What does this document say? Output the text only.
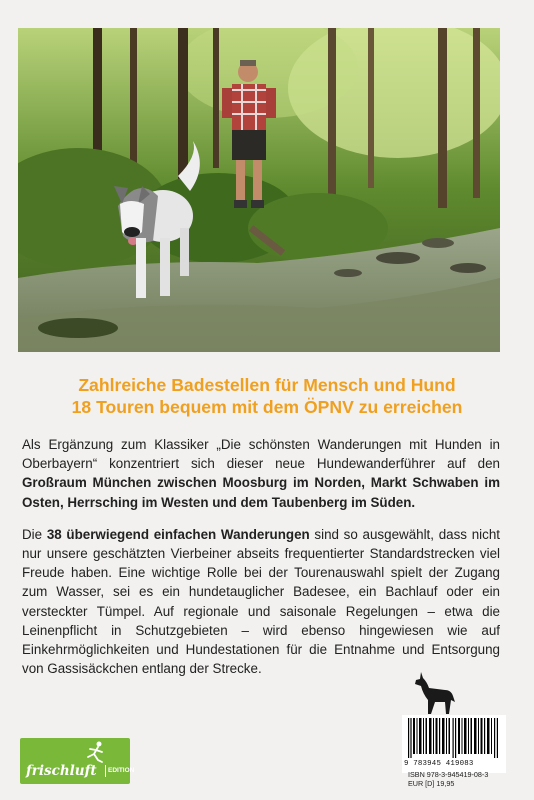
Zahlreiche Badestellen für Mensch und Hund
18 Touren bequem mit dem ÖPNV zu erreichen

Als Ergänzung zum Klassiker „Die schönsten Wanderungen mit Hunden in Oberbayern“ konzentriert sich dieser neue Hundewanderführer auf den Großraum München zwischen Moosburg im Norden, Markt Schwaben im Osten, Herrsching im Westen und dem Taubenberg im Süden.

Die 38 überwiegend einfachen Wanderungen sind so ausgewählt, dass nicht nur unsere geschätzten Vierbeiner abseits frequentierter Standardstrecken viel Freude haben. Eine wichtige Rolle bei der Tourenauswahl spielt der Zugang zum Wasser, sei es ein hundetauglicher Badesee, ein Bachlauf oder ein versteckter Tümpel. Auf regionale und saisonale Regelungen – etwa die Leinenpflicht in Schutzgebieten – wird ebenso hingewiesen wie auf Einkehrmöglichkeiten und Hundestationen für die Entnahme und Entsorgung von Gassisäckchen entlang der Strecke.

frischluft EDITION
9 783945 419083
ISBN 978-3-945419-08-3
EUR [D] 19,95
